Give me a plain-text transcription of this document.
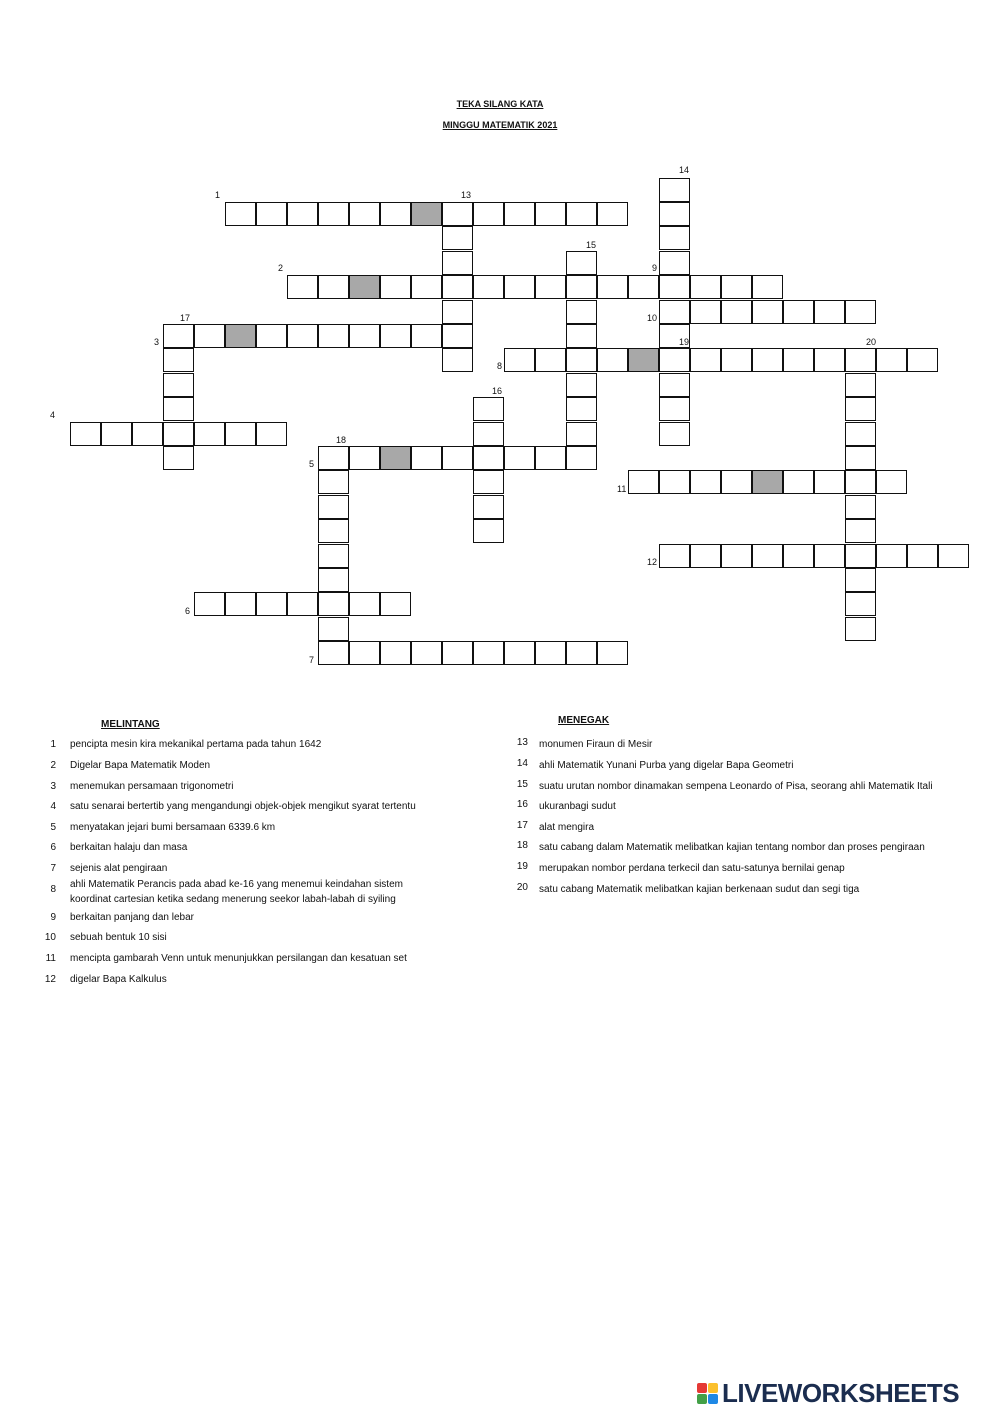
TEKA SILANG KATA
MINGGU MATEMATIK 2021
1	13
14
15
2	9
17	10
3
8
19	20
16
4
18
5
11
12
6
7
MELINTANG	MENEGAK
1 pencipta mesin kira mekanikal pertama pada tahun 1642
2 Digelar Bapa Matematik Moden
3 menemukan persamaan trigonometri
4 satu senarai bertertib yang mengandungi objek-objek mengikut syarat tertentu
5 menyatakan jejari bumi bersamaan 6339.6 km
6 berkaitan halaju dan masa
7 sejenis alat pengiraan
8 ahli Matematik Perancis pada abad ke-16 yang menemui keindahan sistem
koordinat cartesian ketika sedang menerung seekor labah-labah di syiling
9 berkaitan panjang dan lebar
10 sebuah bentuk 10 sisi
11 mencipta gambarah Venn untuk menunjukkan persilangan dan kesatuan set
12 digelar Bapa Kalkulus
13 monumen Firaun di Mesir
14 ahli Matematik Yunani Purba yang digelar Bapa Geometri
15 suatu urutan nombor dinamakan sempena Leonardo of Pisa, seorang ahli Matematik Itali
16 ukuranbagi sudut
17 alat mengira
18 satu cabang dalam Matematik melibatkan kajian tentang nombor dan proses pengiraan
19 merupakan nombor perdana terkecil dan satu-satunya bernilai genap
20 satu cabang Matematik melibatkan kajian berkenaan sudut dan segi tiga
LIVEWORKSHEETS
